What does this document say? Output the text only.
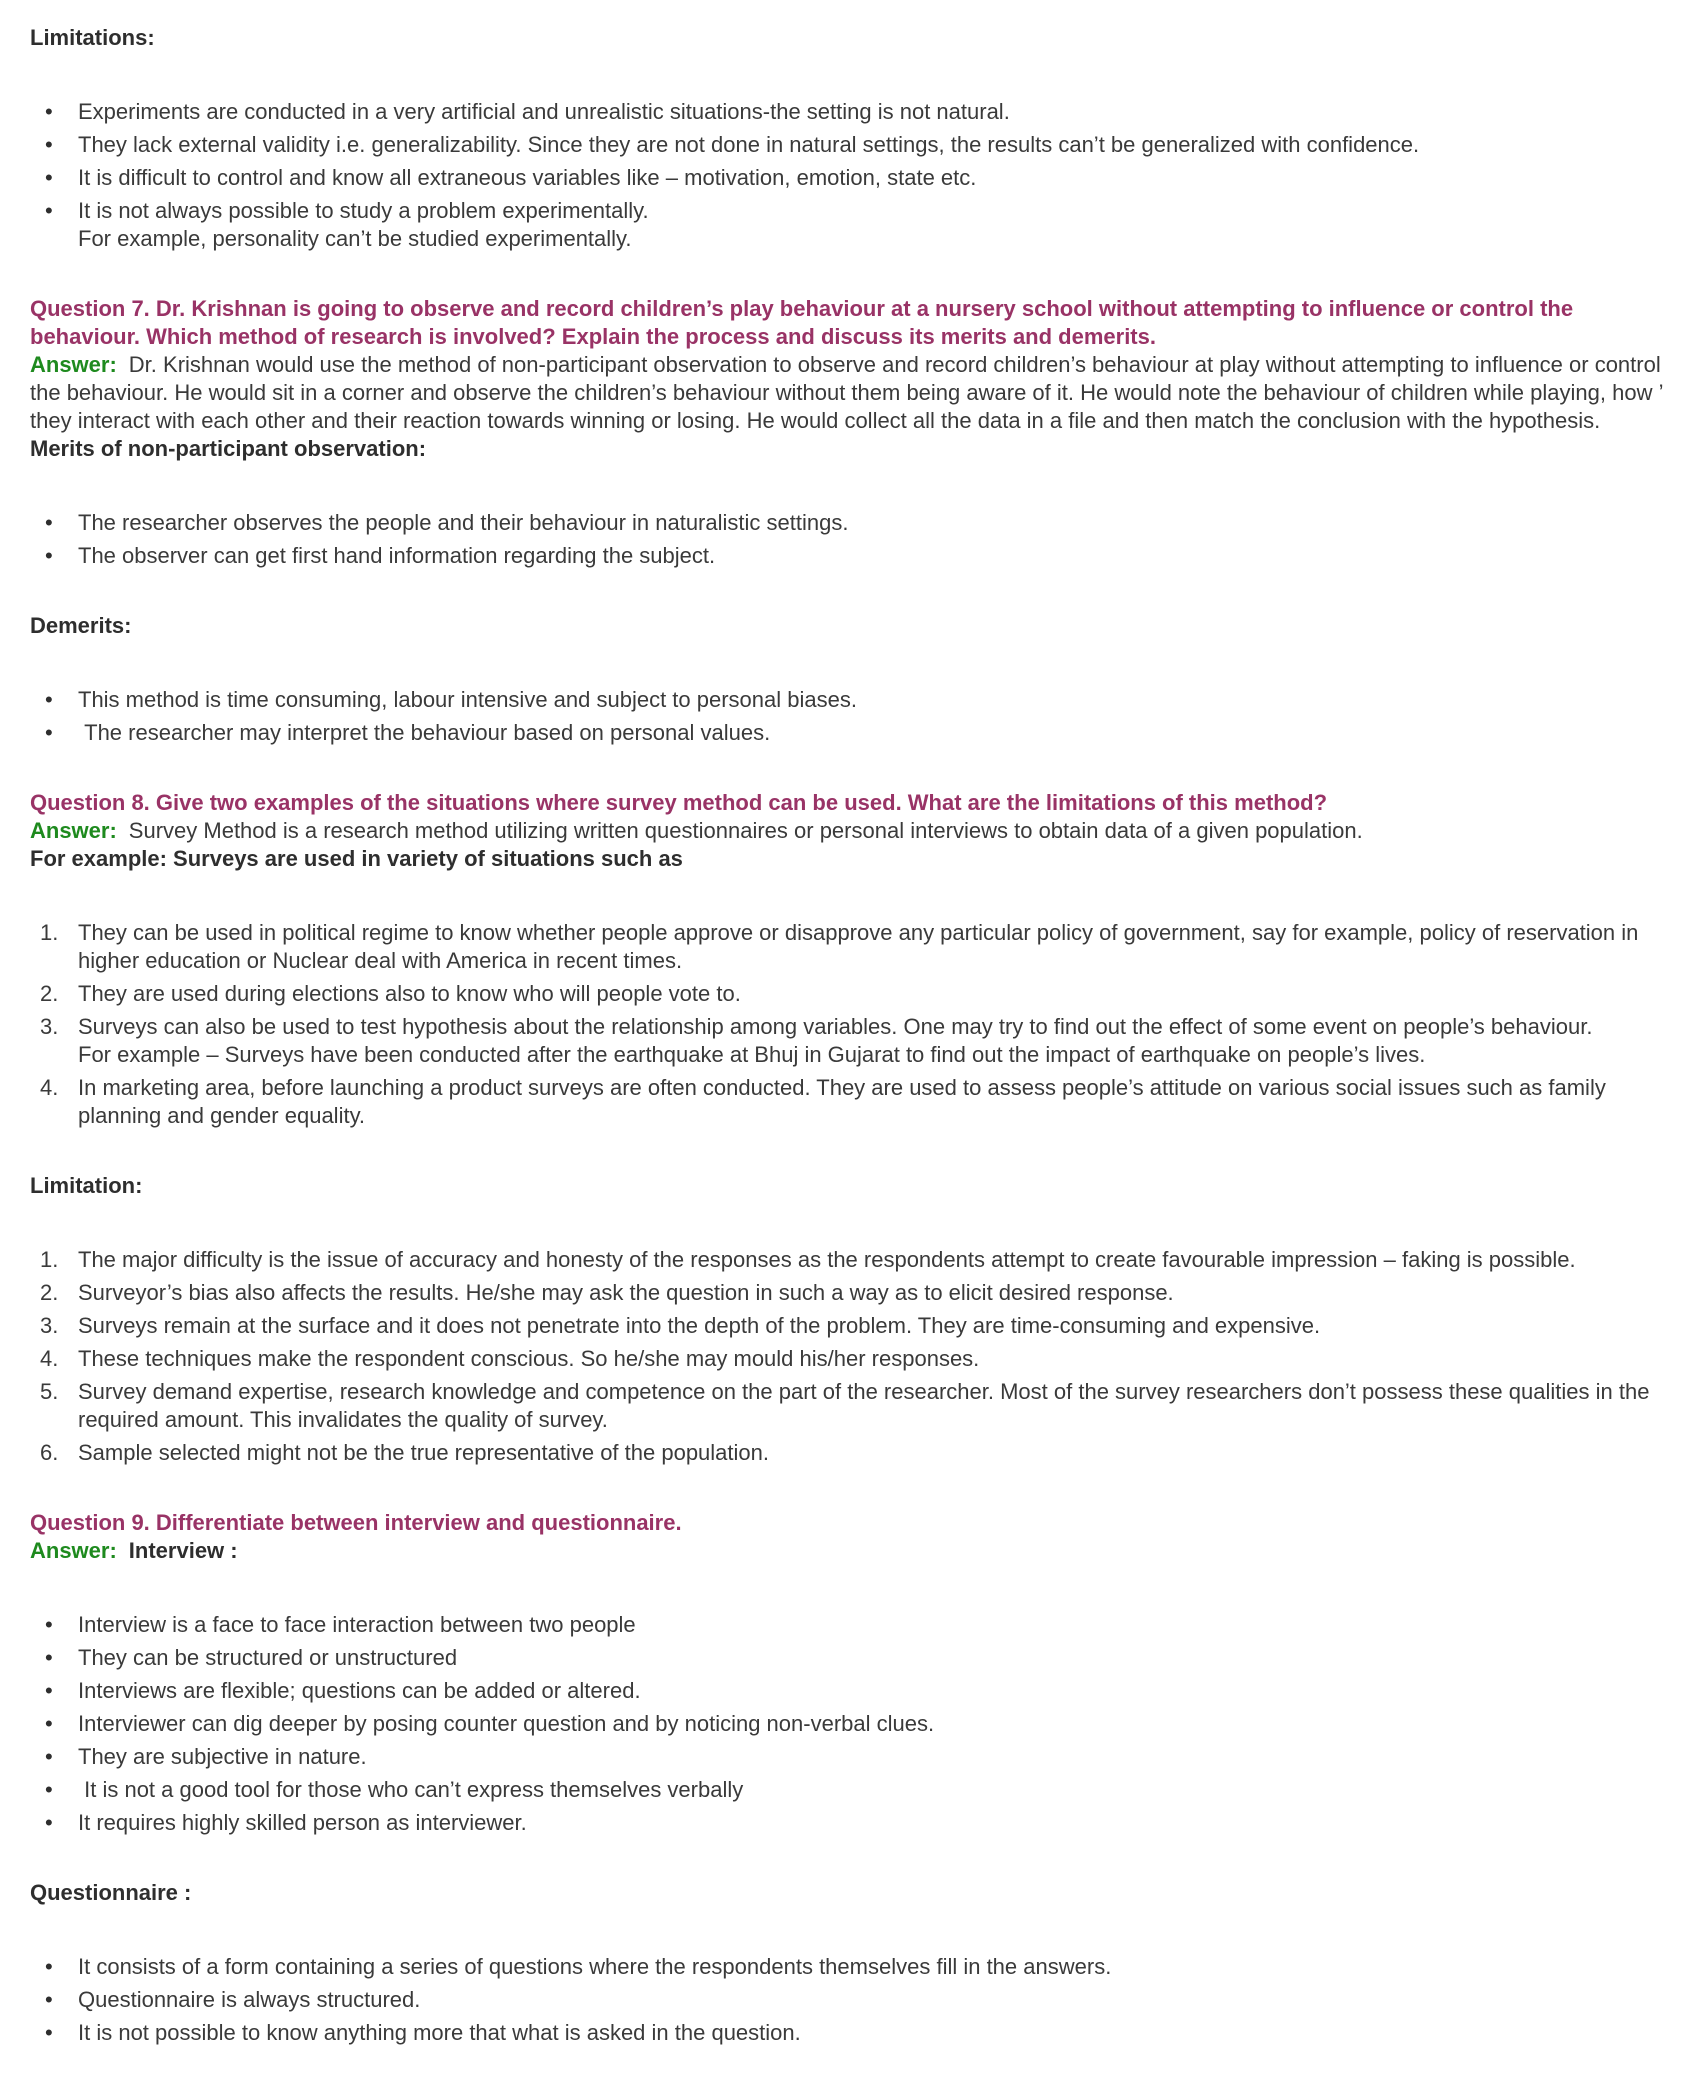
Limitations:

• Experiments are conducted in a very artificial and unrealistic situations-the setting is not natural.
• They lack external validity i.e. generalizability. Since they are not done in natural settings, the results can’t be generalized with confidence.
• It is difficult to control and know all extraneous variables like – motivation, emotion, state etc.
• It is not always possible to study a problem experimentally.
For example, personality can’t be studied experimentally.

Question 7. Dr. Krishnan is going to observe and record children’s play behaviour at a nursery school without attempting to influence or control the behaviour. Which method of research is involved? Explain the process and discuss its merits and demerits.

Answer: Dr. Krishnan would use the method of non-participant observation to observe and record children’s behaviour at play without attempting to influence or control the behaviour. He would sit in a corner and observe the children’s behaviour without them being aware of it. He would note the behaviour of children while playing, how ’ they interact with each other and their reaction towards winning or losing. He would collect all the data in a file and then match the conclusion with the hypothesis.

Merits of non-participant observation:

• The researcher observes the people and their behaviour in naturalistic settings.
• The observer can get first hand information regarding the subject.

Demerits:

• This method is time consuming, labour intensive and subject to personal biases.
•  The researcher may interpret the behaviour based on personal values.

Question 8. Give two examples of the situations where survey method can be used. What are the limitations of this method?

Answer: Survey Method is a research method utilizing written questionnaires or personal interviews to obtain data of a given population.

For example: Surveys are used in variety of situations such as

They can be used in political regime to know whether people approve or disapprove any particular policy of government, say for example, policy of reservation in higher education or Nuclear deal with America in recent times.
They are used during elections also to know who will people vote to.
Surveys can also be used to test hypothesis about the relationship among variables. One may try to find out the effect of some event on people’s behaviour.
For example – Surveys have been conducted after the earthquake at Bhuj in Gujarat to find out the impact of earthquake on people’s lives.
In marketing area, before launching a product surveys are often conducted. They are used to assess people’s attitude on various social issues such as family planning and gender equality.

Limitation:

The major difficulty is the issue of accuracy and honesty of the responses as the respondents attempt to create favourable impression – faking is possible.
Surveyor’s bias also affects the results. He/she may ask the question in such a way as to elicit desired response.
Surveys remain at the surface and it does not penetrate into the depth of the problem. They are time-consuming and expensive.
These techniques make the respondent conscious. So he/she may mould his/her responses.
Survey demand expertise, research knowledge and competence on the part of the researcher. Most of the survey researchers don’t possess these qualities in the required amount. This invalidates the quality of survey.
Sample selected might not be the true representative of the population.

Question 9. Differentiate between interview and questionnaire.

Answer: Interview :

• Interview is a face to face interaction between two people
• They can be structured or unstructured
• Interviews are flexible; questions can be added or altered.
• Interviewer can dig deeper by posing counter question and by noticing non-verbal clues.
• They are subjective in nature.
•  It is not a good tool for those who can’t express themselves verbally
• It requires highly skilled person as interviewer.

Questionnaire :

• It consists of a form containing a series of questions where the respondents themselves fill in the answers.
• Questionnaire is always structured.
• It is not possible to know anything more that what is asked in the question.
